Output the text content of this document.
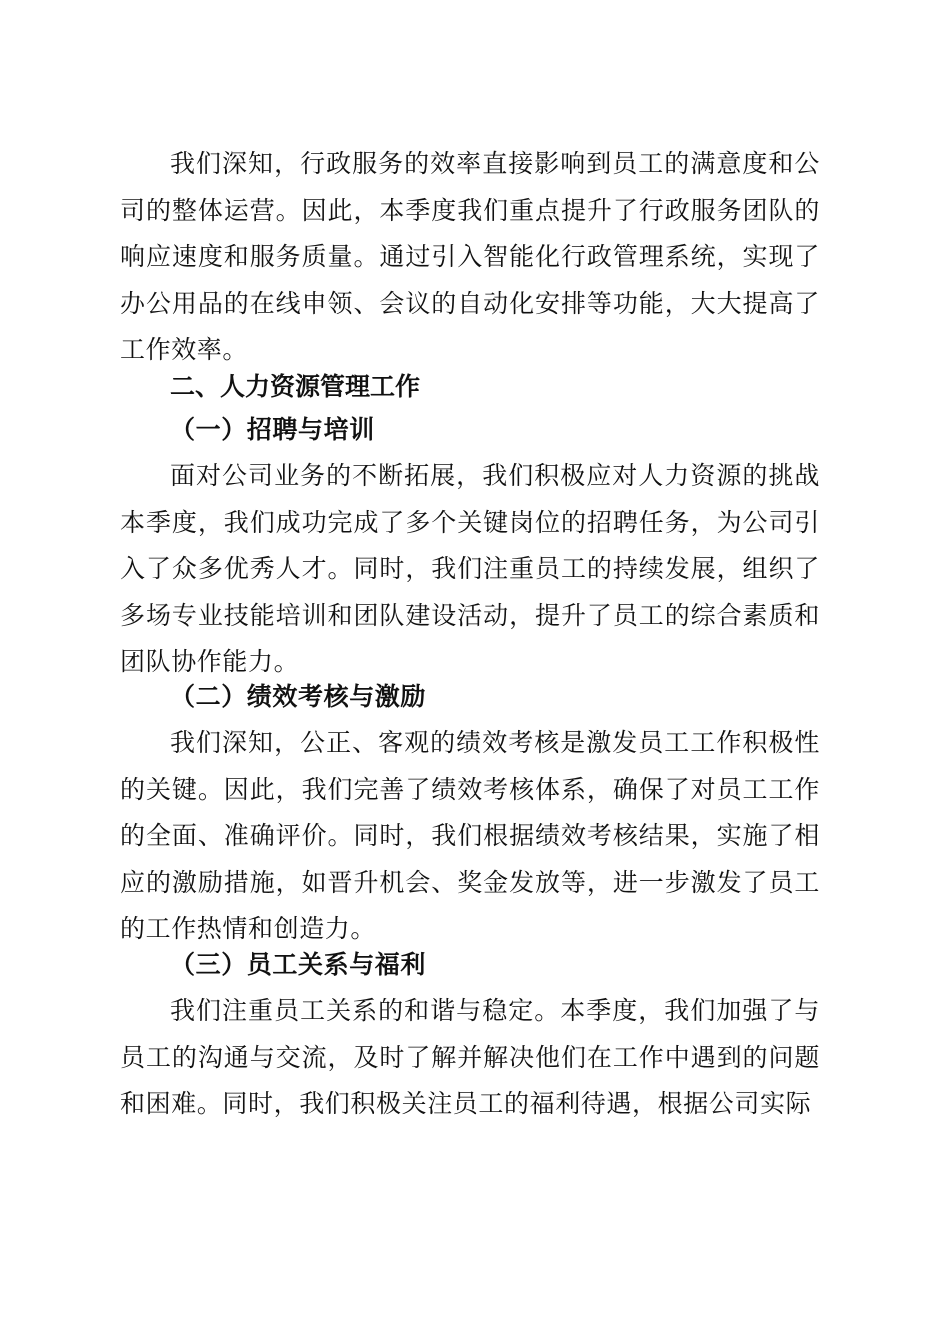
我们深知，行政服务的效率直接影响到员工的满意度和公司的整体运营。因此，本季度我们重点提升了行政服务团队的响应速度和服务质量。通过引入智能化行政管理系统，实现了办公用品的在线申领、会议的自动化安排等功能，大大提高了工作效率。

二、人力资源管理工作
（一）招聘与培训

面对公司业务的不断拓展，我们积极应对人力资源的挑战本季度，我们成功完成了多个关键岗位的招聘任务，为公司引入了众多优秀人才。同时，我们注重员工的持续发展，组织了多场专业技能培训和团队建设活动，提升了员工的综合素质和团队协作能力。

（二）绩效考核与激励

我们深知，公正、客观的绩效考核是激发员工工作积极性的关键。因此，我们完善了绩效考核体系，确保了对员工工作的全面、准确评价。同时，我们根据绩效考核结果，实施了相应的激励措施，如晋升机会、奖金发放等，进一步激发了员工的工作热情和创造力。

（三）员工关系与福利

我们注重员工关系的和谐与稳定。本季度，我们加强了与员工的沟通与交流，及时了解并解决他们在工作中遇到的问题和困难。同时，我们积极关注员工的福利待遇，根据公司实际
